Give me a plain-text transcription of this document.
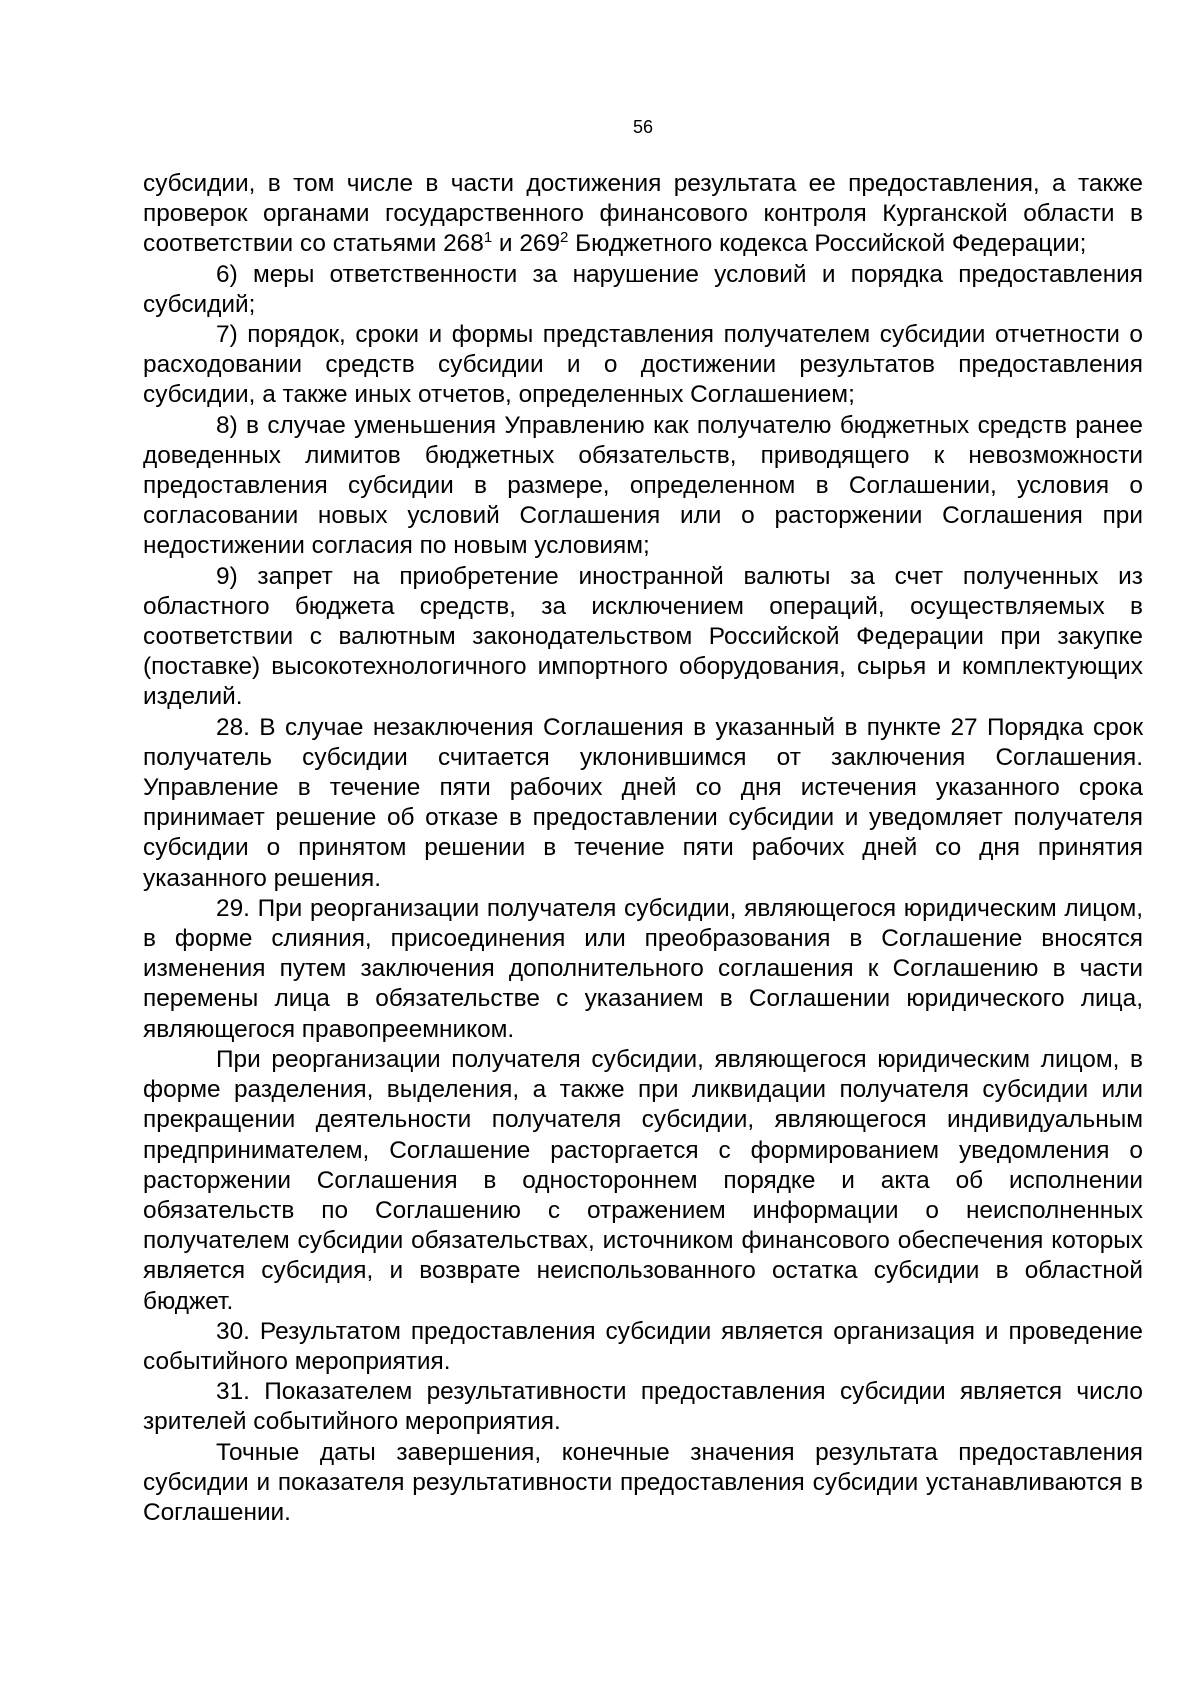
56

субсидии, в том числе в части достижения результата ее предоставления, а также проверок органами государственного финансового контроля Курганской области в соответствии со статьями $268^1$ и $269^2$ Бюджетного кодекса Российской Федерации;

6) меры ответственности за нарушение условий и порядка предоставления субсидий;

7) порядок, сроки и формы представления получателем субсидии отчетности о расходовании средств субсидии и о достижении результатов предоставления субсидии, а также иных отчетов, определенных Соглашением;

8) в случае уменьшения Управлению как получателю бюджетных средств ранее доведенных лимитов бюджетных обязательств, приводящего к невозможности предоставления субсидии в размере, определенном в Соглашении, условия о согласовании новых условий Соглашения или о расторжении Соглашения при недостижении согласия по новым условиям;

9) запрет на приобретение иностранной валюты за счет полученных из областного бюджета средств, за исключением операций, осуществляемых в соответствии с валютным законодательством Российской Федерации при закупке (поставке) высокотехнологичного импортного оборудования, сырья и комплектующих изделий.

28. В случае незаключения Соглашения в указанный в пункте 27 Порядка срок получатель субсидии считается уклонившимся от заключения Соглашения. Управление в течение пяти рабочих дней со дня истечения указанного срока принимает решение об отказе в предоставлении субсидии и уведомляет получателя субсидии о принятом решении в течение пяти рабочих дней со дня принятия указанного решения.

29. При реорганизации получателя субсидии, являющегося юридическим лицом, в форме слияния, присоединения или преобразования в Соглашение вносятся изменения путем заключения дополнительного соглашения к Соглашению в части перемены лица в обязательстве с указанием в Соглашении юридического лица, являющегося правопреемником.

При реорганизации получателя субсидии, являющегося юридическим лицом, в форме разделения, выделения, а также при ликвидации получателя субсидии или прекращении деятельности получателя субсидии, являющегося индивидуальным предпринимателем, Соглашение расторгается с формированием уведомления о расторжении Соглашения в одностороннем порядке и акта об исполнении обязательств по Соглашению с отражением информации о неисполненных получателем субсидии обязательствах, источником финансового обеспечения которых является субсидия, и возврате неиспользованного остатка субсидии в областной бюджет.

30. Результатом предоставления субсидии является организация и проведение событийного мероприятия.

31. Показателем результативности предоставления субсидии является число зрителей событийного мероприятия.

Точные даты завершения, конечные значения результата предоставления субсидии и показателя результативности предоставления субсидии устанавливаются в Соглашении.
